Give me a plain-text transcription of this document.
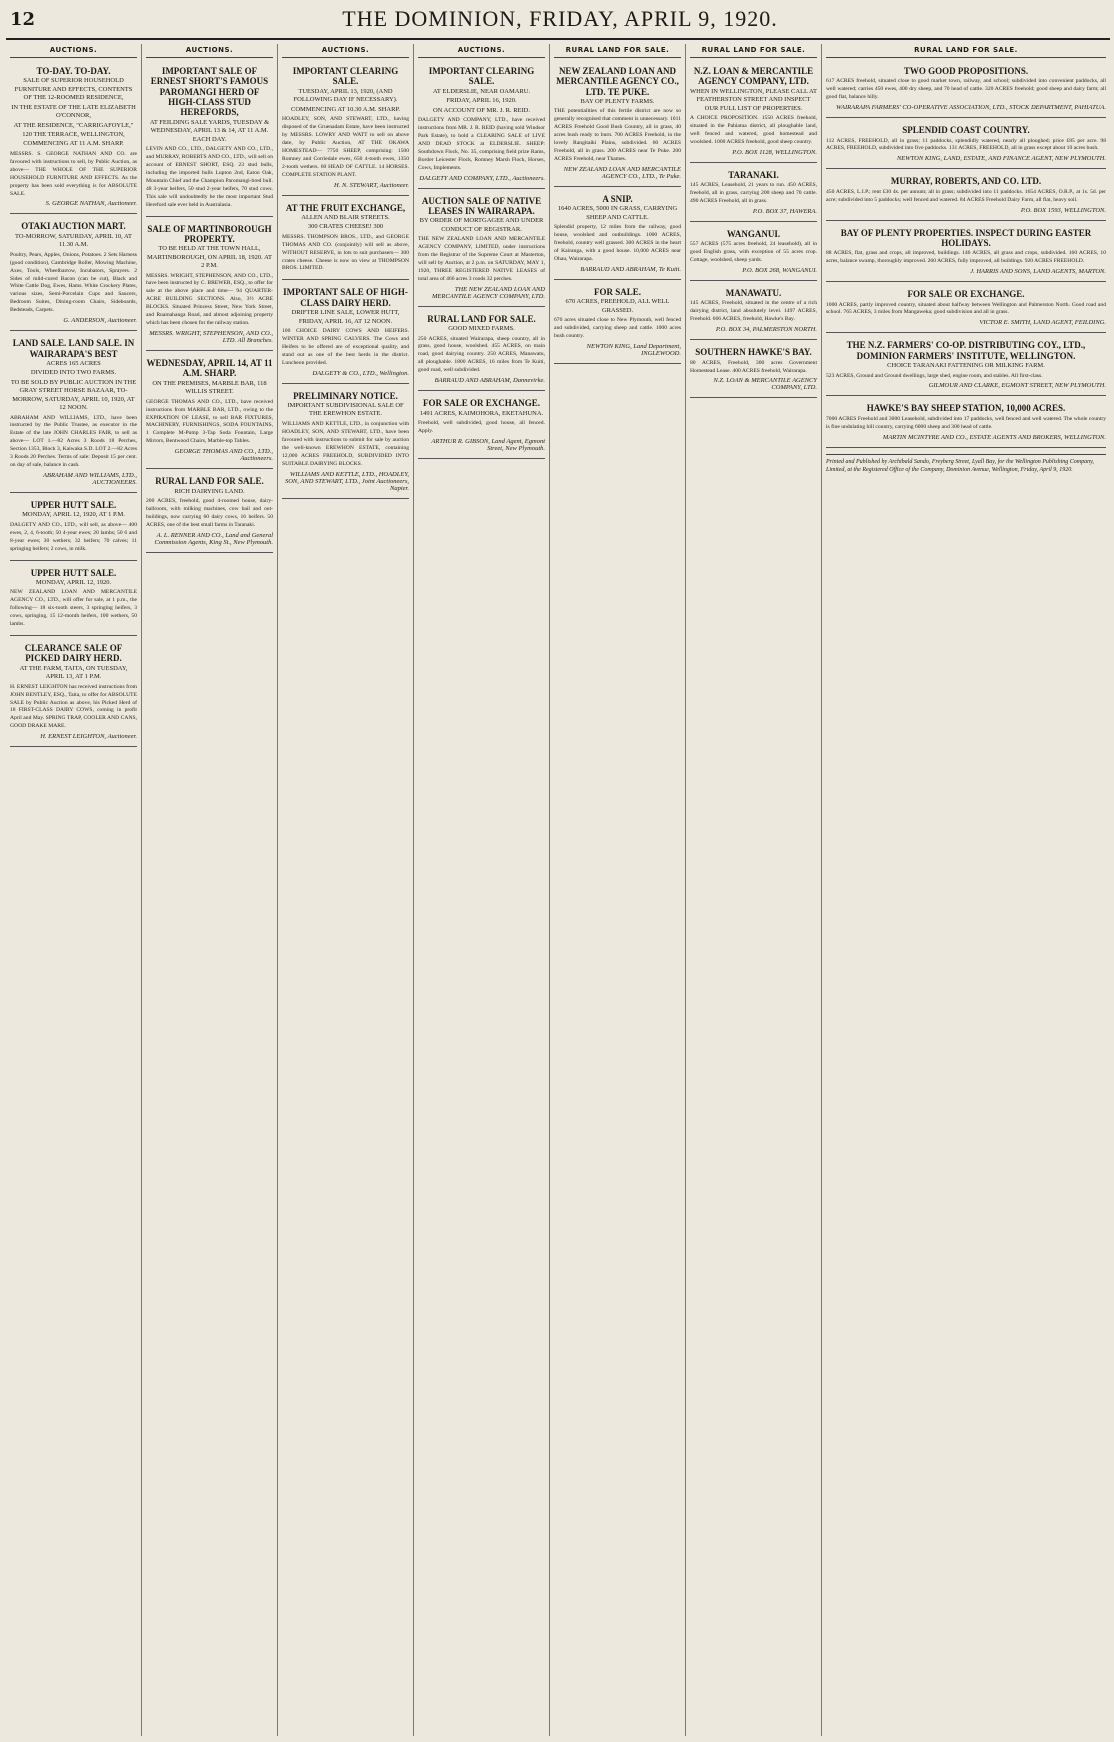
12	THE DOMINION, FRIDAY, APRIL 9, 1920.
AUCTIONS.
TO-DAY. TO-DAY.
SALE OF SUPERIOR HOUSEHOLD FURNITURE AND EFFECTS, CONTENTS OF THE 12-ROOMED RESIDENCE,
IN THE ESTATE OF THE LATE ELIZABETH O'CONNOR,
AT THE RESIDENCE, "CARRIGAFOYLE,"
120 THE TERRACE, WELLINGTON,
COMMENCING AT 11 A.M. SHARP.
MESSRS. S. GEORGE NATHAN AND CO. are favoured with instructions to sell, by Public Auction, as above— THE WHOLE OF THE SUPERIOR HOUSEHOLD FURNITURE AND EFFECTS. As the property has been sold everything is for ABSOLUTE SALE.
S. GEORGE NATHAN, Auctioneer.
OTAKI AUCTION MART.
TO-MORROW, SATURDAY, APRIL 10, AT 11.30 A.M.
Poultry, Pears, Apples, Onions, Potatoes. 2 Sets Harness (good condition), Cambridge Roller, Mowing Machine, Axes, Tools, Wheelbarrow, Incubators, Sprayers. 2 Sides of mild-cured Bacon (can be cut), Black and White Cattle Dog, Ewes, Hams. White Crockery Plates, various sizes, Semi-Porcelain Cups and Saucers, Bedroom Suites, Dining-room Chairs, Sideboards, Bedsteads, Carpets.
G. ANDERSON, Auctioneer.
LAND SALE. LAND SALE. IN WAIRARAPA'S BEST
ACRES 165 ACRES
DIVIDED INTO TWO FARMS.
TO BE SOLD BY PUBLIC AUCTION IN THE GRAY STREET HORSE BAZAAR, TO-MORROW, SATURDAY, APRIL 10, 1920, AT 12 NOON.
ABRAHAM AND WILLIAMS, LTD., have been instructed by the Public Trustee, as executor in the Estate of the late JOHN CHARLES FAIR, to sell as above— LOT 1.—82 Acres 3 Roods 18 Perches, Section 1353, Block 3, Kaiwaka S.D. LOT 2.—82 Acres 3 Roods 20 Perches. Terms of sale: Deposit 15 per cent. on day of sale, balance in cash.
ABRAHAM AND WILLIAMS, LTD., AUCTIONEERS.
UPPER HUTT SALE.
MONDAY, APRIL 12, 1920, AT 1 P.M.
DALGETY AND CO., LTD., will sell, as above— 400 ewes, 2, 4, 6-tooth; 50 4-year ewes; 20 lambs; 50 6 and 8-year ewes; 30 wethers; 32 heifers; 70 calves; 11 springing heifers; 2 cows, in milk.
UPPER HUTT SALE.
MONDAY, APRIL 12, 1920.
NEW ZEALAND LOAN AND MERCANTILE AGENCY CO., LTD., will offer for sale, at 1 p.m., the following— 18 six-tooth steers, 3 springing heifers, 3 cows, springing, 15 12-month heifers, 100 wethers, 50 lambs.
CLEARANCE SALE OF PICKED DAIRY HERD.
AT THE FARM, TAITA, ON TUESDAY, APRIL 13, AT 1 P.M.
H. ERNEST LEIGHTON has received instructions from JOHN BENTLEY, ESQ., Taita, to offer for ABSOLUTE SALE by Public Auction as above, his Picked Herd of 18 FIRST-CLASS DAIRY COWS, coming in profit April and May. SPRING TRAP, COOLER AND CANS, GOOD DRAKE MARE.
H. ERNEST LEIGHTON, Auctioneer.
AUCTIONS.
IMPORTANT SALE OF ERNEST SHORT'S FAMOUS PAROMANGI HERD OF HIGH-CLASS STUD HEREFORDS,
AT FEILDING SALE YARDS, TUESDAY & WEDNESDAY, APRIL 13 & 14, AT 11 A.M. EACH DAY.
LEVIN AND CO., LTD., DALGETY AND CO., LTD., and MURRAY, ROBERTS AND CO., LTD., will sell on account of ERNEST SHORT, ESQ. 23 stud bulls, including the imported bulls Lupton 2nd, Eaton Oak, Mountain Chief and the Champion Paromangi-bred bull. 48 3-year heifers, 50 stud 2-year heifers, 70 stud cows. This sale will undoubtedly be the most important Stud Hereford sale ever held in Australasia.
SALE OF MARTINBOROUGH PROPERTY.
TO BE HELD AT THE TOWN HALL, MARTINBOROUGH, ON APRIL 18, 1920. AT 2 P.M.
MESSRS. WRIGHT, STEPHENSON, AND CO., LTD., have been instructed by C. BREWER, ESQ., to offer for sale at the above place and time— 94 QUARTER-ACRE BUILDING SECTIONS. Also, 3½ ACRE BLOCKS. Situated Princess Street, New York Street, and Ruamahanga Road, and almost adjoining property which has been chosen for the railway station.
MESSRS. WRIGHT, STEPHENSON, AND CO., LTD. All Branches.
WEDNESDAY, APRIL 14, AT 11 A.M. SHARP.
ON THE PREMISES, MARBLE BAR, 118 WILLIS STREET.
GEORGE THOMAS AND CO., LTD., have received instructions from MARBLE BAR, LTD., owing to the EXPIRATION OF LEASE, to sell BAR FIXTURES, MACHINERY, FURNISHINGS, SODA FOUNTAINS, 1 Complete M-Pump 3-Tap Soda Fountain, Large Mirrors, Bentwood Chairs, Marble-top Tables.
GEORGE THOMAS AND CO., LTD., Auctioneers.
RURAL LAND FOR SALE.
RICH DAIRYING LAND.
200 ACRES, freehold, good 4-roomed house, dairy-ballroom, with milking machines, cow bail and out-buildings, now carrying 60 dairy cows, 16 heifers. 50 ACRES, one of the best small farms in Taranaki.
A. L. RENNER AND CO., Land and General Commission Agents, King St., New Plymouth.
AUCTIONS.
IMPORTANT CLEARING SALE.
TUESDAY, APRIL 13, 1920, (AND FOLLOWING DAY IF NECESSARY).
COMMENCING AT 10.30 A.M. SHARP.
HOADLEY, SON, AND STEWART, LTD., having disposed of the Gruenadam Estate, have been instructed by MESSRS. LOWRY AND WATT to sell on above date, by Public Auction, AT THE OKAWA HOMESTEAD— 7750 SHEEP, comprising: 1500 Romney and Corriedale ewes, 650 4-tooth ewes, 1350 2-tooth wethers. 60 HEAD OF CATTLE. 14 HORSES. COMPLETE STATION PLANT.
H. N. STEWART, Auctioneer.
AT THE FRUIT EXCHANGE,
ALLEN AND BLAIR STREETS.
300 CRATES CHEESE! 300
MESSRS. THOMPSON BROS., LTD., and GEORGE THOMAS AND CO. (conjointly) will sell as above, WITHOUT RESERVE, in lots to suit purchasers— 300 crates cheese. Cheese is now on view at THOMPSON BROS. LIMITED.
IMPORTANT SALE OF HIGH-CLASS DAIRY HERD.
DRIFTER LINE SALE, LOWER HUTT, FRIDAY, APRIL 16, AT 12 NOON.
100 CHOICE DAIRY COWS AND HEIFERS. WINTER AND SPRING CALVERS. The Cows and Heifers to be offered are of exceptional quality, and stand out as one of the best herds in the district. Luncheon provided.
DALGETY & CO., LTD., Wellington.
PRELIMINARY NOTICE.
IMPORTANT SUBDIVISIONAL SALE OF THE EREWHON ESTATE.
WILLIAMS AND KETTLE, LTD., in conjunction with HOADLEY, SON, AND STEWART, LTD., have been favoured with instructions to submit for sale by auction the well-known EREWHON ESTATE, containing 12,000 ACRES FREEHOLD, SUBDIVIDED INTO SUITABLE DAIRYING BLOCKS.
WILLIAMS AND KETTLE, LTD., HOADLEY, SON, AND STEWART, LTD., Joint Auctioneers, Napier.
AUCTIONS.
IMPORTANT CLEARING SALE.
AT ELDERSLIE, NEAR OAMARU.
FRIDAY, APRIL 16, 1920.
ON ACCOUNT OF MR. J. R. REID.
DALGETY AND COMPANY, LTD., have received instructions from MR. J. R. REID (having sold Windsor Park Estate), to hold a CLEARING SALE of LIVE AND DEAD STOCK at ELDERSLIE. SHEEP: Southdown Flock, No. 35, comprising field prize Rams, Border Leicester Flock, Romney Marsh Flock, Horses, Cows, Implements.
DALGETY AND COMPANY, LTD., Auctioneers.
AUCTION SALE OF NATIVE LEASES IN WAIRARAPA.
BY ORDER OF MORTGAGEE AND UNDER CONDUCT OF REGISTRAR.
THE NEW ZEALAND LOAN AND MERCANTILE AGENCY COMPANY, LIMITED, under instructions from the Registrar of the Supreme Court at Masterton, will sell by Auction, at 2 p.m. on SATURDAY, MAY 1, 1920, THREE REGISTERED NATIVE LEASES of total area of 466 acres 3 roods 32 perches.
THE NEW ZEALAND LOAN AND MERCANTILE AGENCY COMPANY, LTD.
RURAL LAND FOR SALE.
GOOD MIXED FARMS.
250 ACRES, situated Wairarapa, sheep country, all in grass, good house, woolshed. 455 ACRES, on main road, good dairying country. 250 ACRES, Manawatu, all ploughable. 1800 ACRES, 16 miles from Te Kuiti, good road, well subdivided.
BARRAUD AND ABRAHAM, Dannevirke.
FOR SALE OR EXCHANGE.
1491 ACRES, KAIMOHORA, EKETAHUNA.
Freehold, well subdivided, good house, all fenced. Apply.
ARTHUR R. GIBSON, Land Agent, Egmont Street, New Plymouth.
RURAL LAND FOR SALE.
NEW ZEALAND LOAN AND MERCANTILE AGENCY CO., LTD. TE PUKE.
BAY OF PLENTY FARMS.
THE potentialities of this fertile district are now so generally recognised that comment is unnecessary. 1011 ACRES Freehold Good Bush Country, all in grass, 40 acres bush ready to burn. 700 ACRES Freehold, in the lovely Rangitaiki Plains, subdivided. 60 ACRES Freehold, all in grass. 200 ACRES near Te Puke. 200 ACRES Freehold, near Thames.
NEW ZEALAND LOAN AND MERCANTILE AGENCY CO., LTD., Te Puke.
A SNIP.
1640 ACRES, 5000 IN GRASS, CARRYING SHEEP AND CATTLE.
Splendid property, 12 miles from the railway, good house, woolshed and outbuildings. 1000 ACRES, freehold, country well grassed. 300 ACRES in the heart of Kairanga, with a good house. 10,000 ACRES near Ohau, Wairarapa.
BARRAUD AND ABRAHAM, Te Kuiti.
FOR SALE.
670 ACRES, FREEHOLD, ALL WELL GRASSED.
670 acres situated close to New Plymouth, well fenced and subdivided, carrying sheep and cattle. 1000 acres bush country.
NEWTON KING, Land Department, INGLEWOOD.
RURAL LAND FOR SALE.
N.Z. LOAN & MERCANTILE AGENCY COMPANY, LTD.
WHEN IN WELLINGTON, PLEASE CALL AT FEATHERSTON STREET AND INSPECT OUR FULL LIST OF PROPERTIES.
A CHOICE PROPOSITION. 1550 ACRES freehold, situated in the Pahiatua district, all ploughable land, well fenced and watered, good homestead and woolshed. 1000 ACRES freehold, good sheep country.
P.O. BOX 1128, WELLINGTON.
TARANAKI.
145 ACRES, Leasehold, 21 years to run. 450 ACRES, freehold, all in grass, carrying 200 sheep and 70 cattle. 490 ACRES Freehold, all in grass.
P.O. BOX 37, HAWERA.
WANGANUI.
557 ACRES (575 acres freehold, 24 leasehold), all in good English grass, with exception of 55 acres crop. Cottage, woolshed, sheep yards.
P.O. BOX 268, WANGANUI.
MANAWATU.
145 ACRES, Freehold, situated in the centre of a rich dairying district, land absolutely level. 1497 ACRES, Freehold. 666 ACRES, freehold, Hawke's Bay.
P.O. BOX 34, PALMERSTON NORTH.
SOUTHERN HAWKE'S BAY.
80 ACRES, Freehold, 300 acres Government Homestead Lease. 400 ACRES freehold, Wairarapa.
N.Z. LOAN & MERCANTILE AGENCY COMPANY, LTD.
RURAL LAND FOR SALE.
TWO GOOD PROPOSITIONS.
617 ACRES freehold, situated close to good market town, railway, and school; subdivided into convenient paddocks, all well watered; carries 450 ewes, 400 dry sheep, and 70 head of cattle. 320 ACRES freehold; good sheep and dairy farm; all good flat, balance hilly.
WAIRARAPA FARMERS' CO-OPERATIVE ASSOCIATION, LTD., STOCK DEPARTMENT, PAHIATUA.
SPLENDID COAST COUNTRY.
112 ACRES, FREEHOLD, all in grass; 11 paddocks, splendidly watered, nearly all ploughed; price £85 per acre. 98 ACRES, FREEHOLD, subdivided into five paddocks. 131 ACRES, FREEHOLD, all in grass except about 10 acres bush.
NEWTON KING, LAND, ESTATE, AND FINANCE AGENT, NEW PLYMOUTH.
MURRAY, ROBERTS, AND CO. LTD.
450 ACRES, L.I.P.; rent £30 4s. per annum; all in grass; subdivided into 11 paddocks. 1654 ACRES, O.R.P., at 1s. 5d. per acre; subdivided into 5 paddocks; well fenced and watered. 84 ACRES Freehold Dairy Farm, all flat, heavy soil.
P.O. BOX 1593, WELLINGTON.
BAY OF PLENTY PROPERTIES. INSPECT DURING EASTER HOLIDAYS.
88 ACRES, flat, grass and crops, all improved, buildings. 146 ACRES, all grass and crops, subdivided. 160 ACRES, 10 acres, balance swamp, thoroughly improved. 260 ACRES, fully improved, all buildings. 920 ACRES FREEHOLD.
J. HARRIS AND SONS, LAND AGENTS, MARTON.
FOR SALE OR EXCHANGE.
1000 ACRES, partly improved country, situated about halfway between Wellington and Palmerston North. Good road and school. 765 ACRES, 3 miles from Mangaweka; good subdivision and all in grass.
VICTOR E. SMITH, LAND AGENT, FEILDING.
THE N.Z. FARMERS' CO-OP. DISTRIBUTING COY., LTD., DOMINION FARMERS' INSTITUTE, WELLINGTON.
CHOICE TARANAKI FATTENING OR MILKING FARM.
523 ACRES, Ground and Ground dwellings, large shed, engine room, and stables. All first-class.
GILMOUR AND CLARKE, EGMONT STREET, NEW PLYMOUTH.
HAWKE'S BAY SHEEP STATION, 10,000 ACRES.
7000 ACRES Freehold and 3000 Leasehold, subdivided into 17 paddocks, well fenced and well watered. The whole country is fine undulating hill country, carrying 6000 sheep and 300 head of cattle.
MARTIN MCINTYRE AND CO., ESTATE AGENTS AND BROKERS, WELLINGTON.
Printed and Published by Archibald Sando, Freyberg Street, Lyall Bay, for the Wellington Publishing Company, Limited, at the Registered Office of the Company, Dominion Avenue, Wellington, Friday, April 9, 1920.
